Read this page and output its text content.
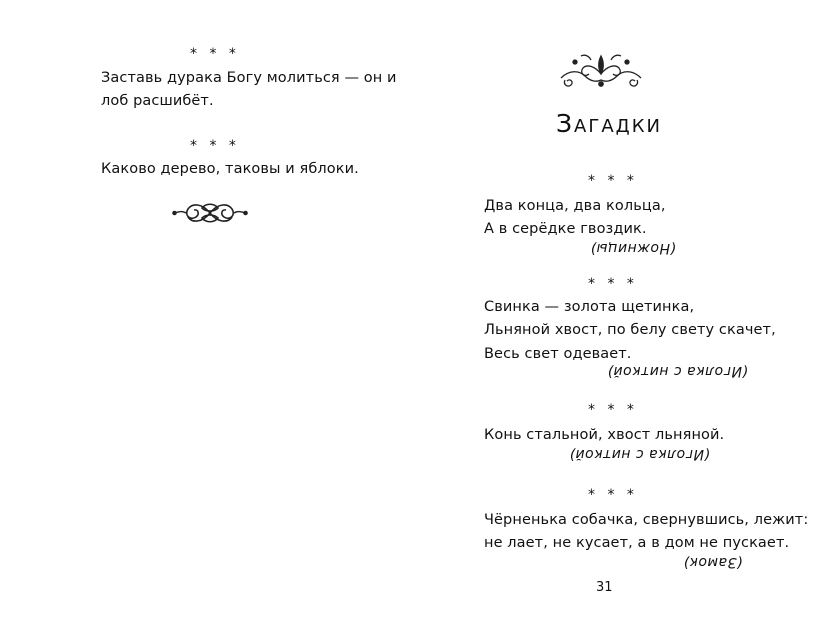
* * *
Заставь дурака Богу молиться — он и
лоб расшибёт.
* * *
Каково дерево, таковы и яблоки.
Загадки
* * *
Два конца, два кольца,
А в серёдке гвоздик.
(Ножницы)
* * *
Свинка — золота щетинка,
Льняной хвост, по белу свету скачет,
Весь свет одевает.
(Иголка с ниткой)
* * *
Конь стальной, хвост льняной.
(Иголка с ниткой)
* * *
Чёрненька собачка, свернувшись, лежит:
не лает, не кусает, а в дом не пускает.
(Замок)
31
